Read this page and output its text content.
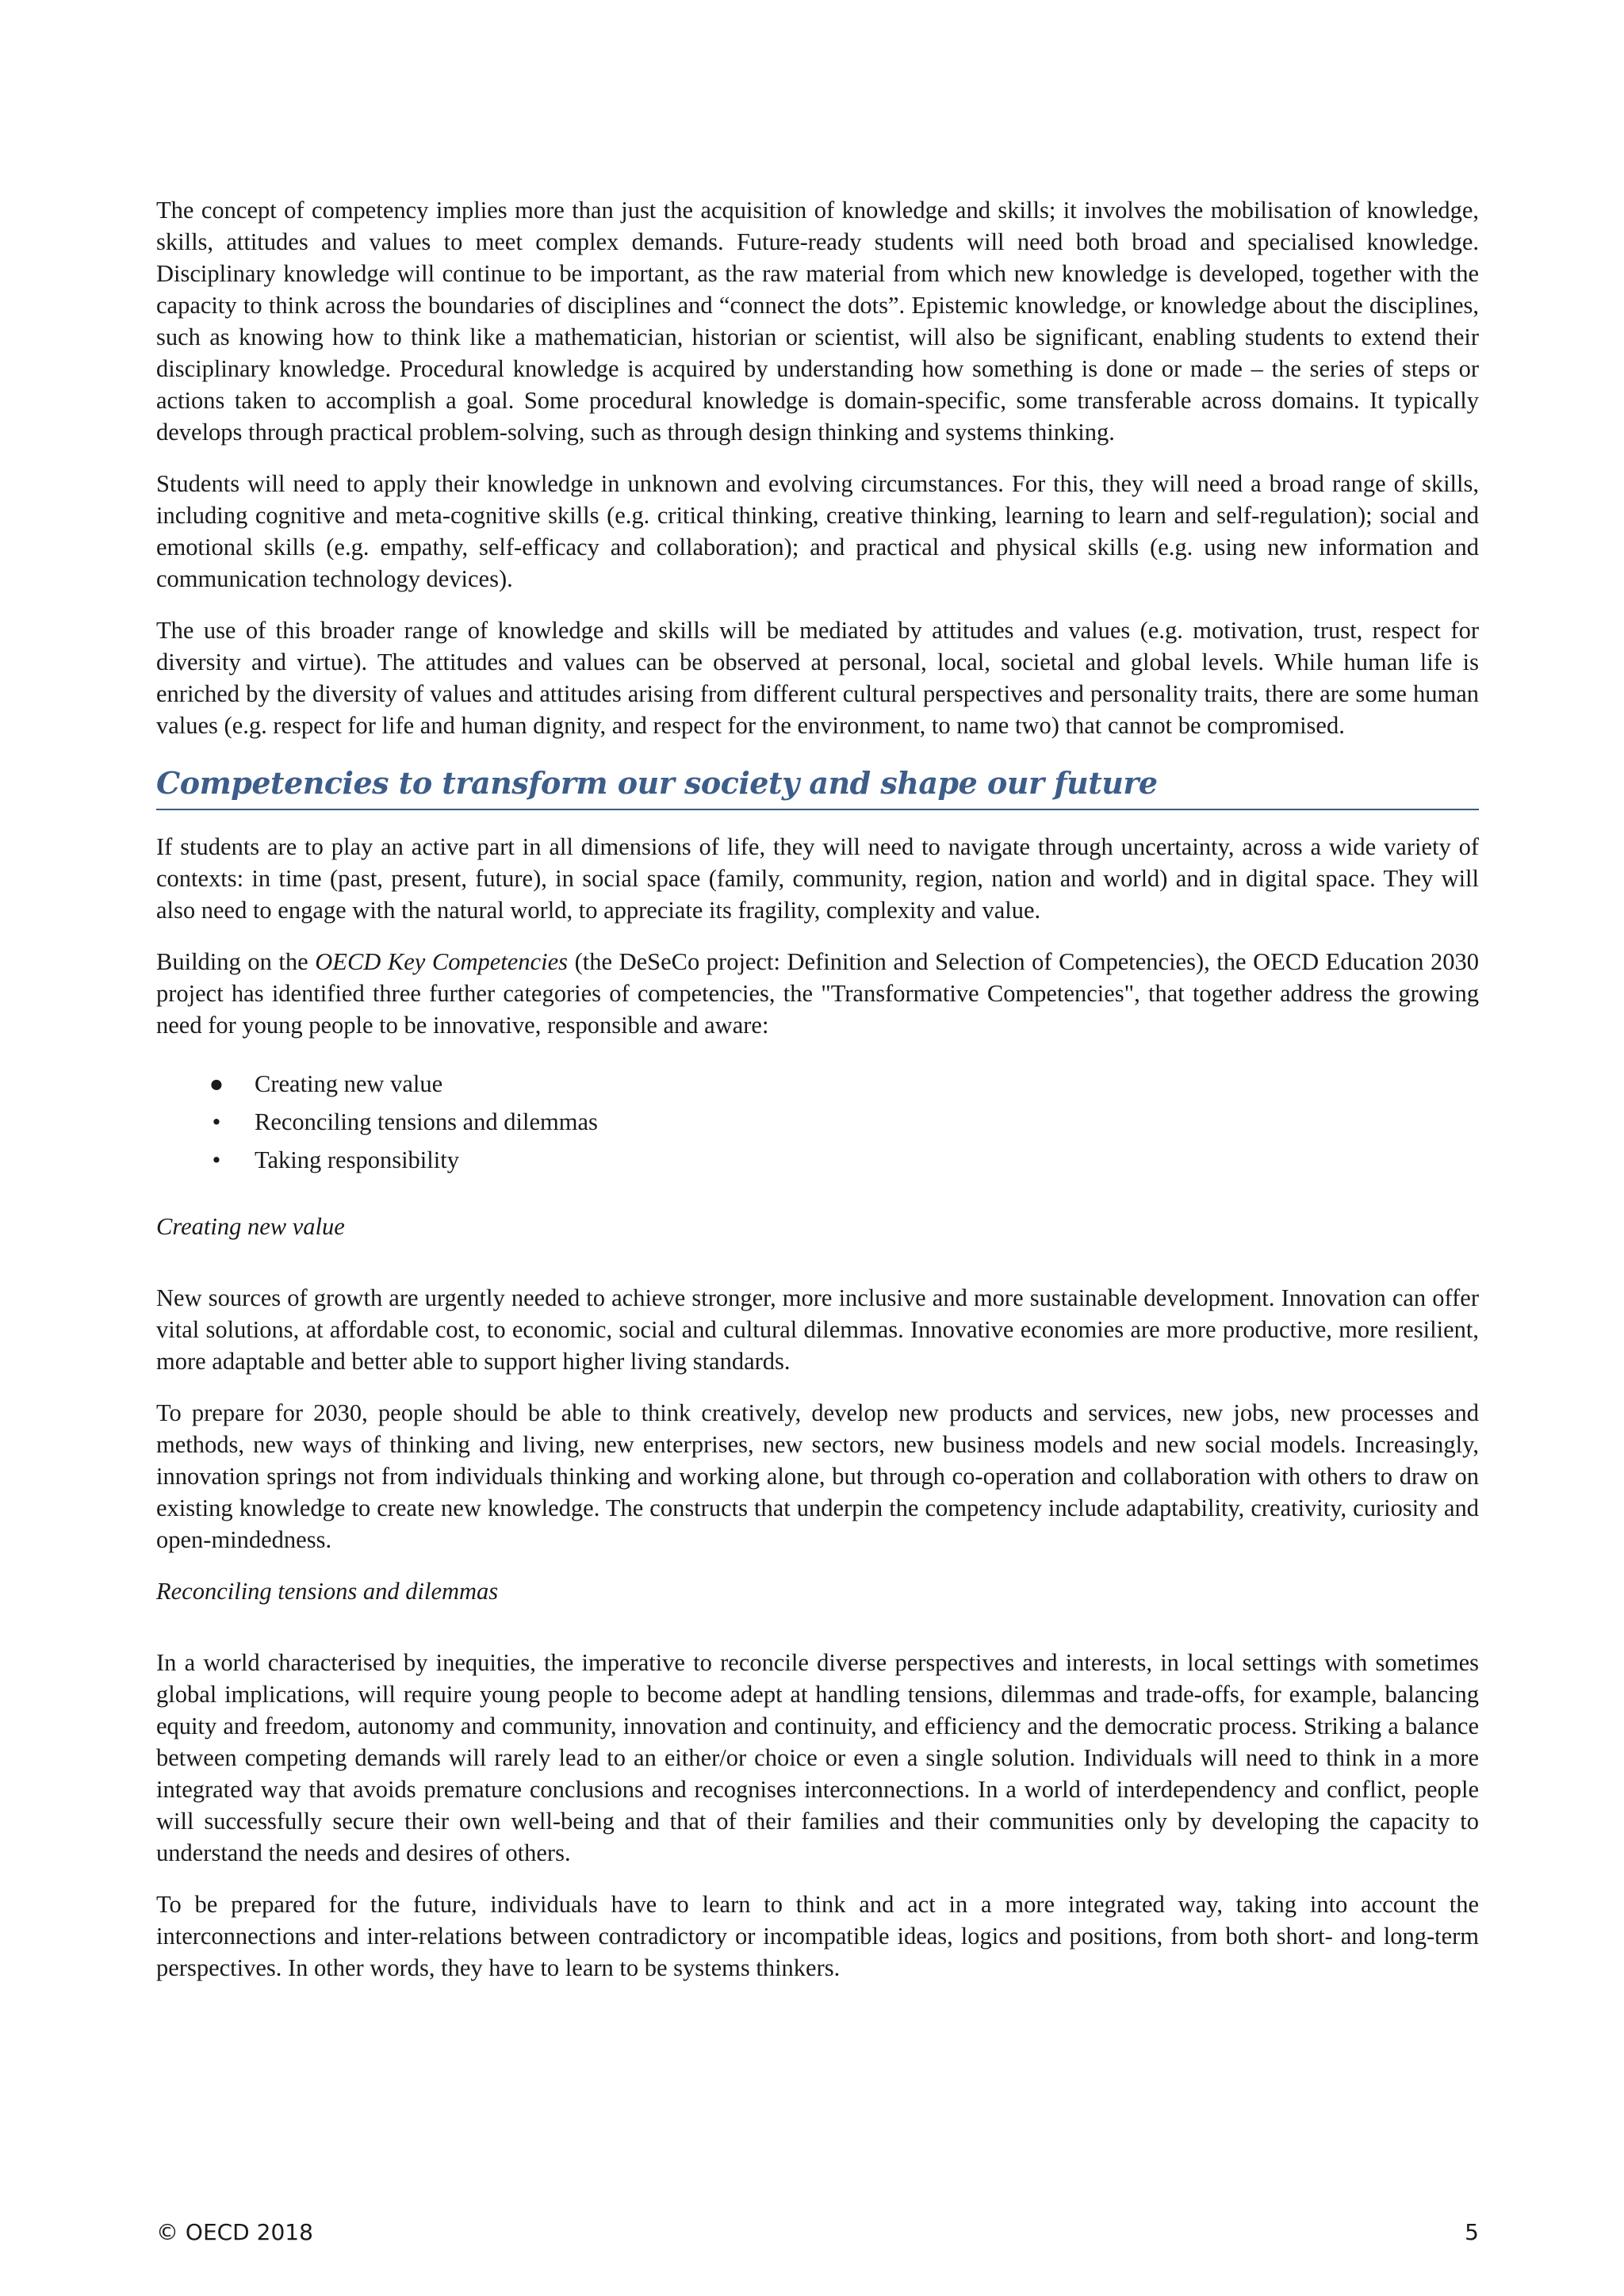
The concept of competency implies more than just the acquisition of knowledge and skills; it involves the mobilisation of knowledge, skills, attitudes and values to meet complex demands. Future-ready students will need both broad and specialised knowledge. Disciplinary knowledge will continue to be important, as the raw material from which new knowledge is developed, together with the capacity to think across the boundaries of disciplines and “connect the dots”. Epistemic knowledge, or knowledge about the disciplines, such as knowing how to think like a mathematician, historian or scientist, will also be significant, enabling students to extend their disciplinary knowledge. Procedural knowledge is acquired by understanding how something is done or made – the series of steps or actions taken to accomplish a goal. Some procedural knowledge is domain-specific, some transferable across domains. It typically develops through practical problem-solving, such as through design thinking and systems thinking.

Students will need to apply their knowledge in unknown and evolving circumstances. For this, they will need a broad range of skills, including cognitive and meta-cognitive skills (e.g. critical thinking, creative thinking, learning to learn and self-regulation); social and emotional skills (e.g. empathy, self-efficacy and collaboration); and practical and physical skills (e.g. using new information and communication technology devices).

The use of this broader range of knowledge and skills will be mediated by attitudes and values (e.g. motivation, trust, respect for diversity and virtue). The attitudes and values can be observed at personal, local, societal and global levels. While human life is enriched by the diversity of values and attitudes arising from different cultural perspectives and personality traits, there are some human values (e.g. respect for life and human dignity, and respect for the environment, to name two) that cannot be compromised.

Competencies to transform our society and shape our future

If students are to play an active part in all dimensions of life, they will need to navigate through uncertainty, across a wide variety of contexts: in time (past, present, future), in social space (family, community, region, nation and world) and in digital space. They will also need to engage with the natural world, to appreciate its fragility, complexity and value.

Building on the OECD Key Competencies (the DeSeCo project: Definition and Selection of Competencies), the OECD Education 2030 project has identified three further categories of competencies, the "Transformative Competencies", that together address the growing need for young people to be innovative, responsible and aware:

● Creating new value
• Reconciling tensions and dilemmas
• Taking responsibility
Creating new value

New sources of growth are urgently needed to achieve stronger, more inclusive and more sustainable development. Innovation can offer vital solutions, at affordable cost, to economic, social and cultural dilemmas. Innovative economies are more productive, more resilient, more adaptable and better able to support higher living standards.

To prepare for 2030, people should be able to think creatively, develop new products and services, new jobs, new processes and methods, new ways of thinking and living, new enterprises, new sectors, new business models and new social models. Increasingly, innovation springs not from individuals thinking and working alone, but through co-operation and collaboration with others to draw on existing knowledge to create new knowledge. The constructs that underpin the competency include adaptability, creativity, curiosity and open-mindedness.

Reconciling tensions and dilemmas

In a world characterised by inequities, the imperative to reconcile diverse perspectives and interests, in local settings with sometimes global implications, will require young people to become adept at handling tensions, dilemmas and trade-offs, for example, balancing equity and freedom, autonomy and community, innovation and continuity, and efficiency and the democratic process. Striking a balance between competing demands will rarely lead to an either/or choice or even a single solution. Individuals will need to think in a more integrated way that avoids premature conclusions and recognises interconnections. In a world of interdependency and conflict, people will successfully secure their own well-being and that of their families and their communities only by developing the capacity to understand the needs and desires of others.

To be prepared for the future, individuals have to learn to think and act in a more integrated way, taking into account the interconnections and inter-relations between contradictory or incompatible ideas, logics and positions, from both short- and long-term perspectives. In other words, they have to learn to be systems thinkers.

© OECD 2018	5
